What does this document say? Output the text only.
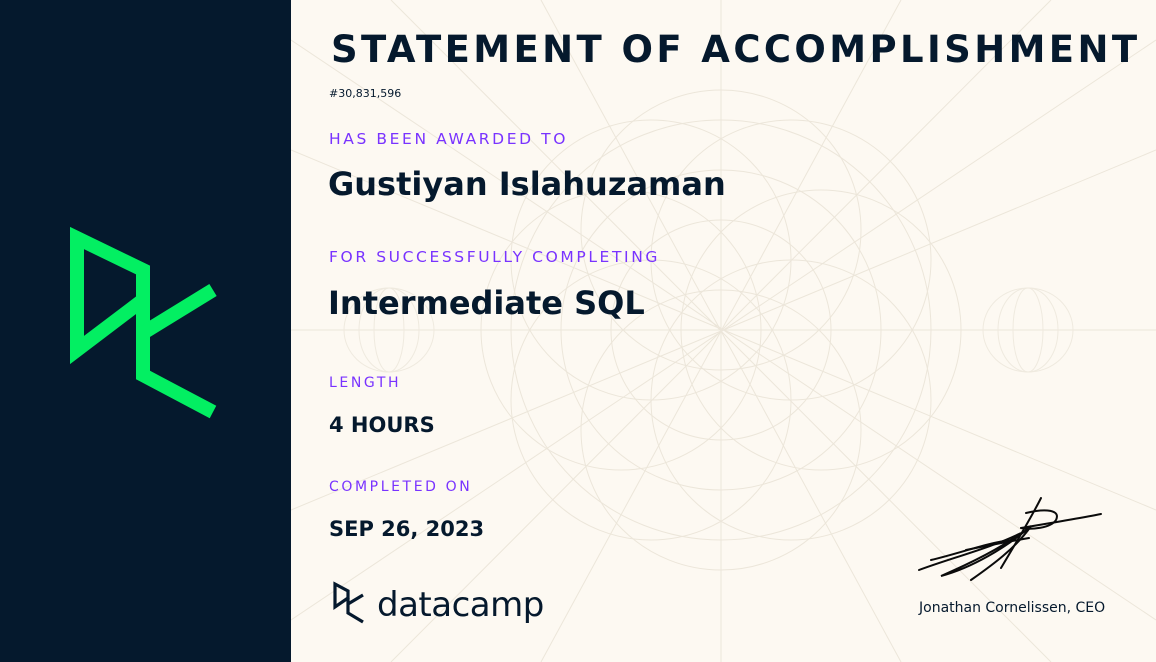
STATEMENT OF ACCOMPLISHMENT
#30,831,596
HAS BEEN AWARDED TO
Gustiyan Islahuzaman
FOR SUCCESSFULLY COMPLETING
Intermediate SQL
LENGTH
4 HOURS
COMPLETED ON
SEP 26, 2023
datacamp	Jonathan Cornelissen, CEO
